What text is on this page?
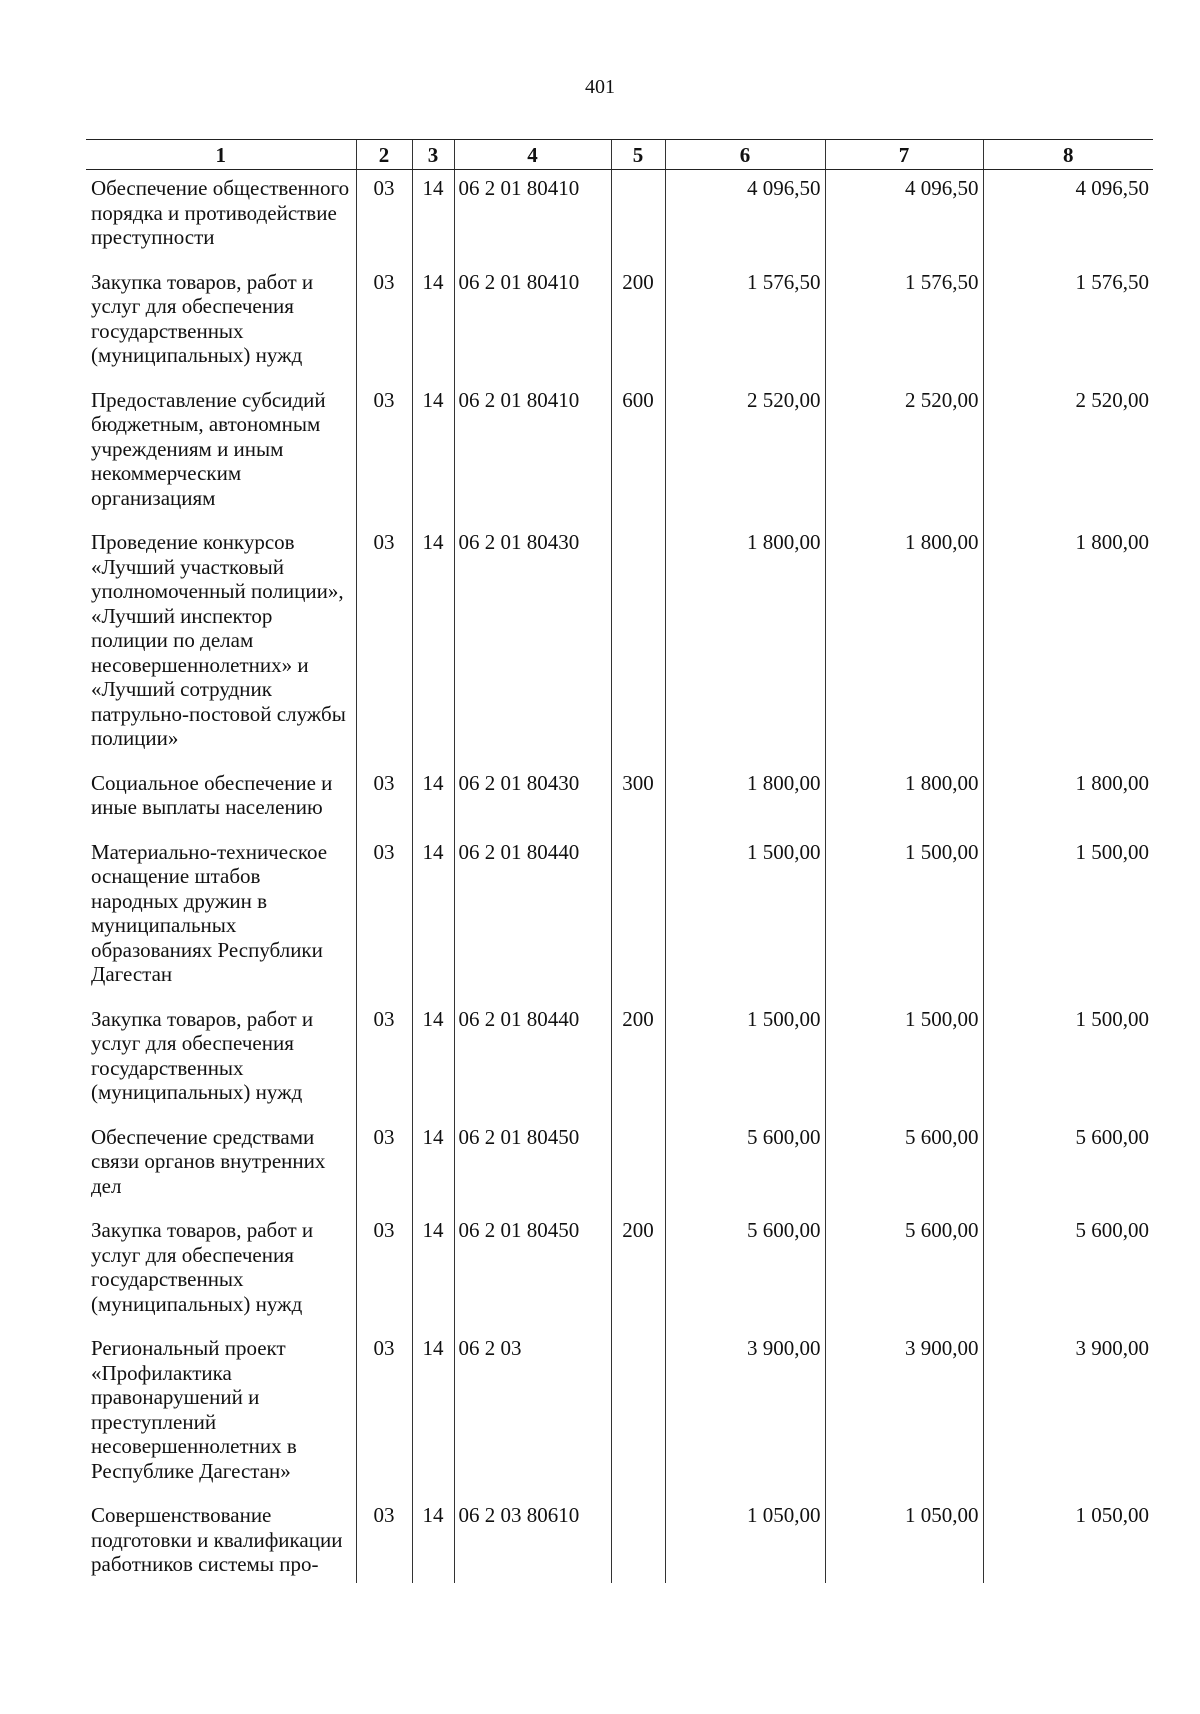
401
1	2	3	4	5	6	7	8
Обеспечение общественного порядка и противодействие преступности	03	14	06 2 01 80410		4 096,50	4 096,50	4 096,50
Закупка товаров, работ и услуг для обеспечения государственных (муниципальных) нужд	03	14	06 2 01 80410	200	1 576,50	1 576,50	1 576,50
Предоставление субсидий бюджетным, автономным учреждениям и иным некоммерческим организациям	03	14	06 2 01 80410	600	2 520,00	2 520,00	2 520,00
Проведение конкурсов «Лучший участковый уполномоченный полиции», «Лучший инспектор полиции по делам несовершеннолетних» и «Лучший сотрудник патрульно-постовой службы полиции»	03	14	06 2 01 80430		1 800,00	1 800,00	1 800,00
Социальное обеспечение и иные выплаты населению	03	14	06 2 01 80430	300	1 800,00	1 800,00	1 800,00
Материально-техническое оснащение штабов народных дружин в муниципальных образованиях Республики Дагестан	03	14	06 2 01 80440		1 500,00	1 500,00	1 500,00
Закупка товаров, работ и услуг для обеспечения государственных (муниципальных) нужд	03	14	06 2 01 80440	200	1 500,00	1 500,00	1 500,00
Обеспечение средствами связи органов внутренних дел	03	14	06 2 01 80450		5 600,00	5 600,00	5 600,00
Закупка товаров, работ и услуг для обеспечения государственных (муниципальных) нужд	03	14	06 2 01 80450	200	5 600,00	5 600,00	5 600,00
Региональный проект «Профилактика правонарушений и преступлений несовершеннолетних в Республике Дагестан»	03	14	06 2 03		3 900,00	3 900,00	3 900,00
Совершенствование подготовки и квалификации работников системы про-	03	14	06 2 03 80610		1 050,00	1 050,00	1 050,00
